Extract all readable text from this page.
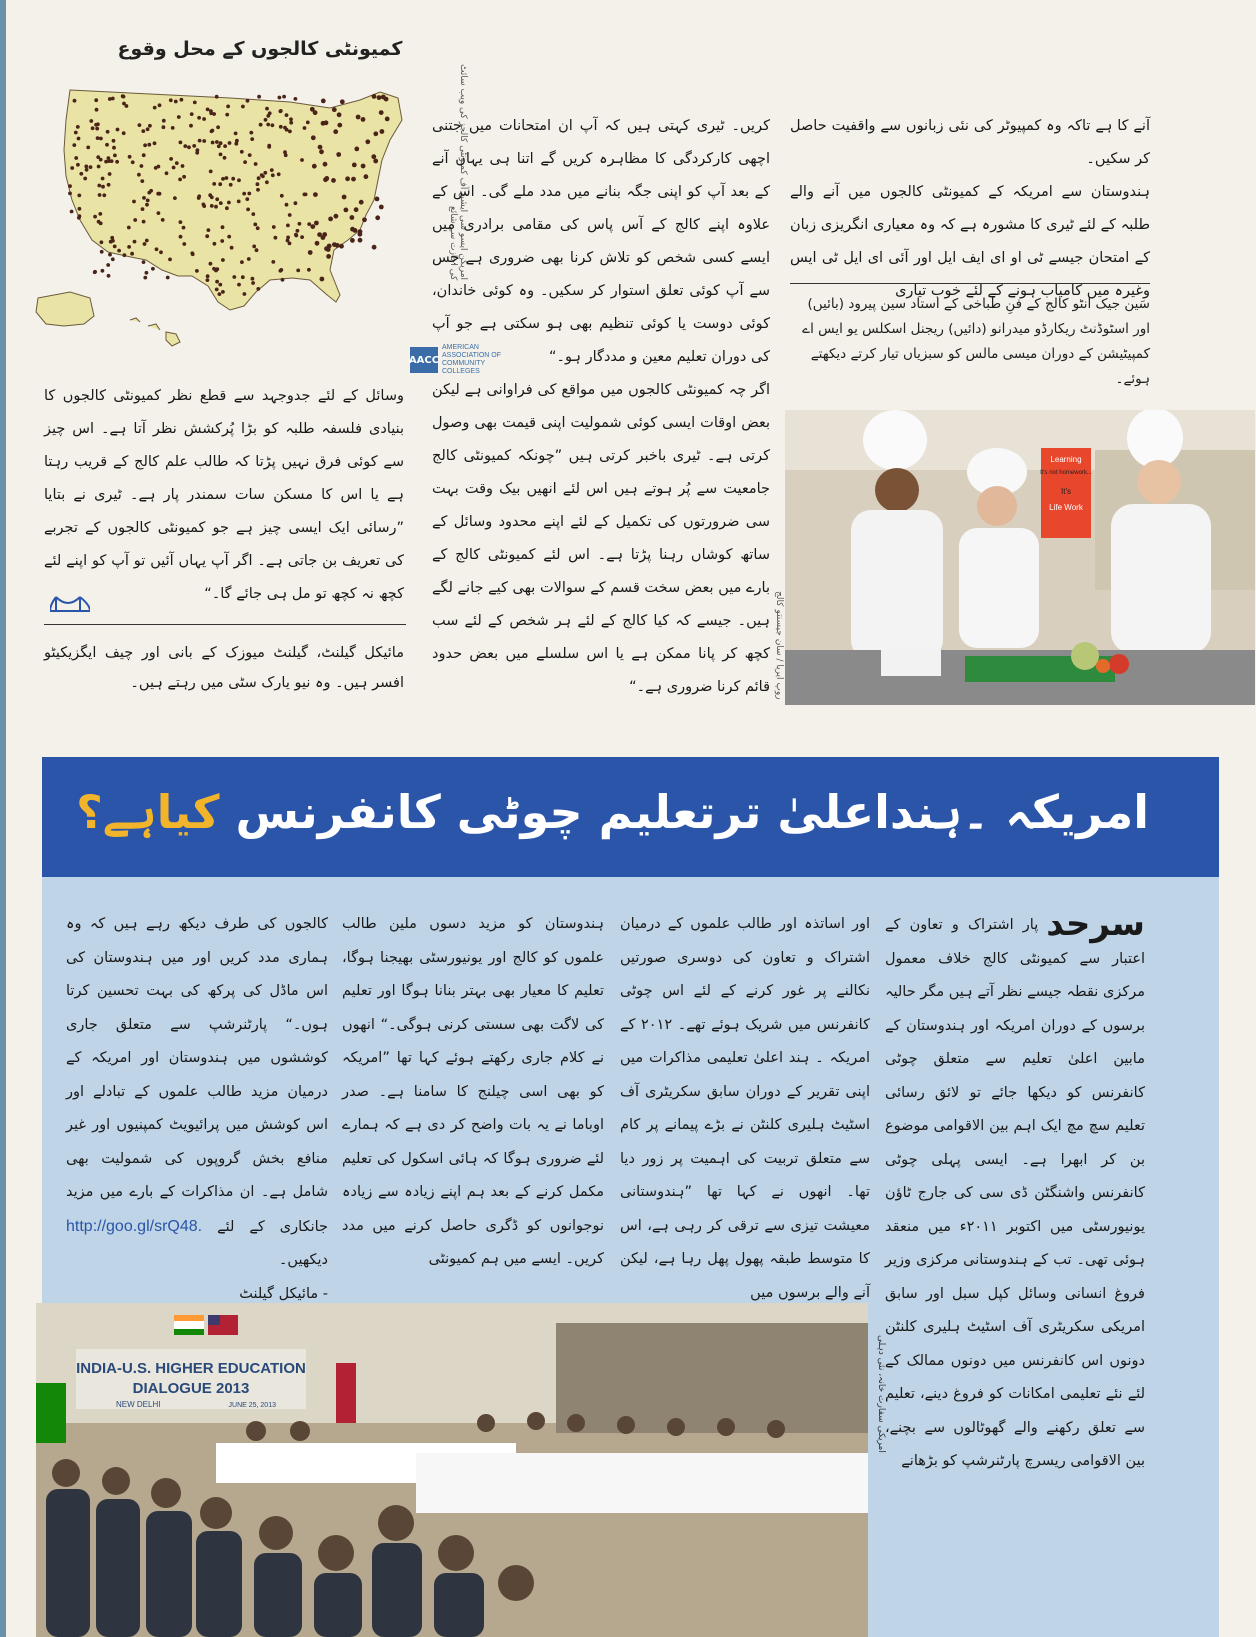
کمیونٹی کالجوں کے محل وقوع
امریکن ایسو سی ایشن آف کمیونٹی کالجز کی ویب سائٹ کی اجازت سے شائع
AACC
AMERICAN ASSOCIATION OF COMMUNITY COLLEGES

آنے کا ہے تاکہ وہ کمپیوٹر کی نئی زبانوں سے واقفیت حاصل کر سکیں۔

ہندوستان سے امریکہ کے کمیونٹی کالجوں میں آنے والے طلبہ کے لئے ٹیری کا مشورہ ہے کہ وہ معیاری انگریزی زبان کے امتحان جیسے ٹی او ای ایف ایل اور آئی ای ایل ٹی ایس وغیرہ میں کامیاب ہونے کے لئے خوب تیاری

سَین جیک انٹو کالج کے فنِ طباخی کے استاد سین پیرود (بائیں) اور اسٹوڈنٹ ریکارڈو میدرانو (دائیں) ریجنل اسکلس یو ایس اے کمپیٹیشن کے دوران میسی مالس کو سبزیاں تیار کرتے دیکھتے ہوئے۔

کریں۔ ٹیری کہتی ہیں کہ آپ ان امتحانات میں جتنی اچھی کارکردگی کا مظاہرہ کریں گے اتنا ہی یہاں آنے کے بعد آپ کو اپنی جگہ بنانے میں مدد ملے گی۔ اس کے علاوہ اپنے کالج کے آس پاس کی مقامی برادری میں ایسے کسی شخص کو تلاش کرنا بھی ضروری ہے جس سے آپ کوئی تعلق استوار کر سکیں۔ وہ کوئی خاندان، کوئی دوست یا کوئی تنظیم بھی ہو سکتی ہے جو آپ کی دوران تعلیم معین و مددگار ہو۔“

اگر چہ کمیونٹی کالجوں میں مواقع کی فراوانی ہے لیکن بعض اوقات ایسی کوئی شمولیت اپنی قیمت بھی وصول کرتی ہے۔ ٹیری باخبر کرتی ہیں ”چونکہ کمیونٹی کالج جامعیت سے پُر ہوتے ہیں اس لئے انھیں بیک وقت بہت سی ضرورتوں کی تکمیل کے لئے اپنے محدود وسائل کے ساتھ کوشاں رہنا پڑتا ہے۔ اس لئے کمیونٹی کالج کے بارے میں بعض سخت قسم کے سوالات بھی کیے جانے لگے ہیں۔ جیسے کہ کیا کالج کے لئے ہر شخص کے لئے سب کچھ کر پانا ممکن ہے یا اس سلسلے میں بعض حدود قائم کرنا ضروری ہے۔“

وسائل کے لئے جدوجہد سے قطع نظر کمیونٹی کالجوں کا بنیادی فلسفہ طلبہ کو بڑا پُرکشش نظر آتا ہے۔ اس چیز سے کوئی فرق نہیں پڑتا کہ طالب علم کالج کے قریب رہتا ہے یا اس کا مسکن سات سمندر پار ہے۔ ٹیری نے بتایا ”رسائی ایک ایسی چیز ہے جو کمیونٹی کالجوں کے تجربے کی تعریف بن جاتی ہے۔ اگر آپ یہاں آئیں تو آپ کو اپنے لئے کچھ نہ کچھ تو مل ہی جائے گا۔“

مائیکل گیلنٹ، گیلنٹ میوزک کے بانی اور چیف ایگزیکیٹو افسر ہیں۔ وہ نیو یارک سٹی میں رہتے ہیں۔
Learning
It's not homework...
It's
Life Work
روپ ایریا / سان جیسنتو کالج
امریکہ ۔ہنداعلیٰ ترتعلیم چوٹی کانفرنس کیاہے؟
سرحدپار اشتراک و تعاون کے اعتبار سے کمیونٹی کالج خلاف معمول مرکزی نقطہ جیسے نظر آتے ہیں مگر حالیہ برسوں کے دوران امریکہ اور ہندوستان کے مابین اعلیٰ تعلیم سے متعلق چوٹی کانفرنس کو دیکھا جائے تو لائق رسائی تعلیم سچ مچ ایک اہم بین الاقوامی موضوع بن کر ابھرا ہے۔ ایسی پہلی چوٹی کانفرنس واشنگٹن ڈی سی کی جارج ٹاؤن یونیورسٹی میں اکتوبر ۲۰۱۱ء میں منعقد ہوئی تھی۔ تب کے ہندوستانی مرکزی وزیر فروغ انسانی وسائل کپل سبل اور سابق امریکی سکریٹری آف اسٹیٹ ہلیری کلنٹن دونوں اس کانفرنس میں دونوں ممالک کے لئے نئے تعلیمی امکانات کو فروغ دینے، تعلیم سے تعلق رکھنے والے گھوٹالوں سے بچنے، بین الاقوامی ریسرچ پارٹنرشپ کو بڑھانے
اور اساتذہ اور طالب علموں کے درمیان اشتراک و تعاون کی دوسری صورتیں نکالنے پر غور کرنے کے لئے اس چوٹی کانفرنس میں شریک ہوئے تھے۔ ۲۰۱۲ کے امریکہ ۔ ہند اعلیٰ تعلیمی مذاکرات میں اپنی تقریر کے دوران سابق سکریٹری آف اسٹیٹ ہلیری کلنٹن نے بڑے پیمانے پر کام سے متعلق تربیت کی اہمیت پر زور دیا تھا۔ انھوں نے کہا تھا ”ہندوستانی معیشت تیزی سے ترقی کر رہی ہے، اس کا متوسط طبقہ پھول پھل رہا ہے، لیکن آنے والے برسوں میں
ہندوستان کو مزید دسوں ملین طالب علموں کو کالج اور یونیورسٹی بھیجنا ہوگا، تعلیم کا معیار بھی بہتر بنانا ہوگا اور تعلیم کی لاگت بھی سستی کرنی ہوگی۔“ انھوں نے کلام جاری رکھتے ہوئے کہا تھا ”امریکہ کو بھی اسی چیلنج کا سامنا ہے۔ صدر اوباما نے یہ بات واضح کر دی ہے کہ ہمارے لئے ضروری ہوگا کہ ہائی اسکول کی تعلیم مکمل کرنے کے بعد ہم اپنے زیادہ سے زیادہ نوجوانوں کو ڈگری حاصل کرنے میں مدد کریں۔ ایسے میں ہم کمیونٹی
کالجوں کی طرف دیکھ رہے ہیں کہ وہ ہماری مدد کریں اور میں ہندوستان کی اس ماڈل کی پرکھ کی بہت تحسین کرتا ہوں۔“ پارٹنرشپ سے متعلق جاری کوششوں میں ہندوستان اور امریکہ کے درمیان مزید طالب علموں کے تبادلے اور اس کوشش میں پرائیویٹ کمپنیوں اور غیر منافع بخش گروپوں کی شمولیت بھی شامل ہے۔ ان مذاکرات کے بارے میں مزید جانکاری کے لئے http://goo.gl/srQ48. دیکھیں۔
- مائیکل گیلنٹ
INDIA-U.S. HIGHER EDUCATION
DIALOGUE 2013
NEW DELHI	JUNE 25, 2013	امریکی سفارت خانہ، نئی دہلی
